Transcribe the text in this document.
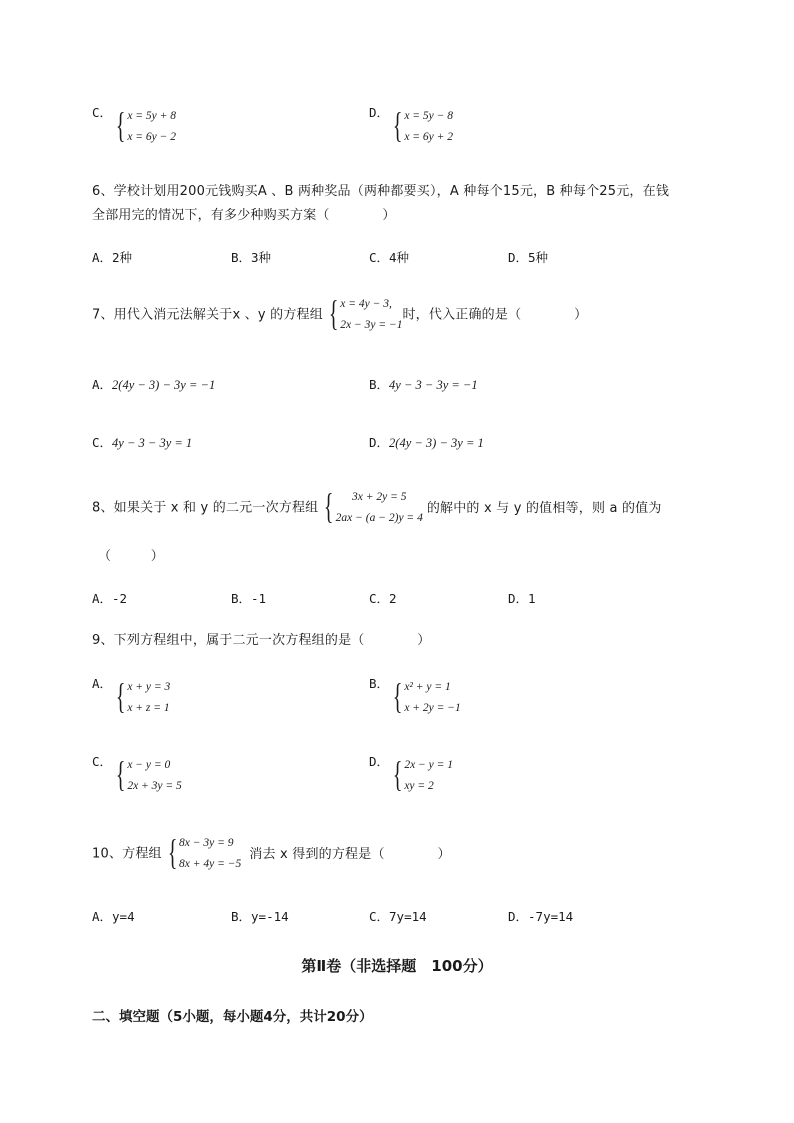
C． { x = 5y + 8
x = 6y − 2
D． { x = 5y − 8
x = 6y + 2
6、学校计划用200元钱购买A 、B 两种奖品（两种都要买），A 种每个15元，B 种每个25元，在钱
全部用完的情况下，有多少种购买方案（　　　　）
A．2种	B．3种	C．4种	D．5种
7、用代入消元法解关于x 、y 的方程组 { x = 4y − 3,
2x − 3y = −1
时，代入正确的是（　　　　）
A．2(4y − 3) − 3y = −1	B．4y − 3 − 3y = −1
C．4y − 3 − 3y = 1	D．2(4y − 3) − 3y = 1
8、如果关于 x 和 y 的二元一次方程组 { 3x + 2y = 5
2ax − (a − 2)y = 4
的解中的 x 与 y 的值相等，则 a 的值为
（　　　）
A．-2	B．-1	C．2	D．1
9、下列方程组中，属于二元一次方程组的是（　　　　）
A． { x + y = 3
x + z = 1
B． { x² + y = 1
x + 2y = −1
C． { x − y = 0
2x + 3y = 5
D． { 2x − y = 1
xy = 2
10、方程组 { 8x − 3y = 9
8x + 4y = −5
消去 x 得到的方程是（　　　　）
A．y=4	B．y=-14	C．7y=14	D．-7y=14
第Ⅱ卷（非选择题　100分）
二、填空题（5小题，每小题4分，共计20分）
